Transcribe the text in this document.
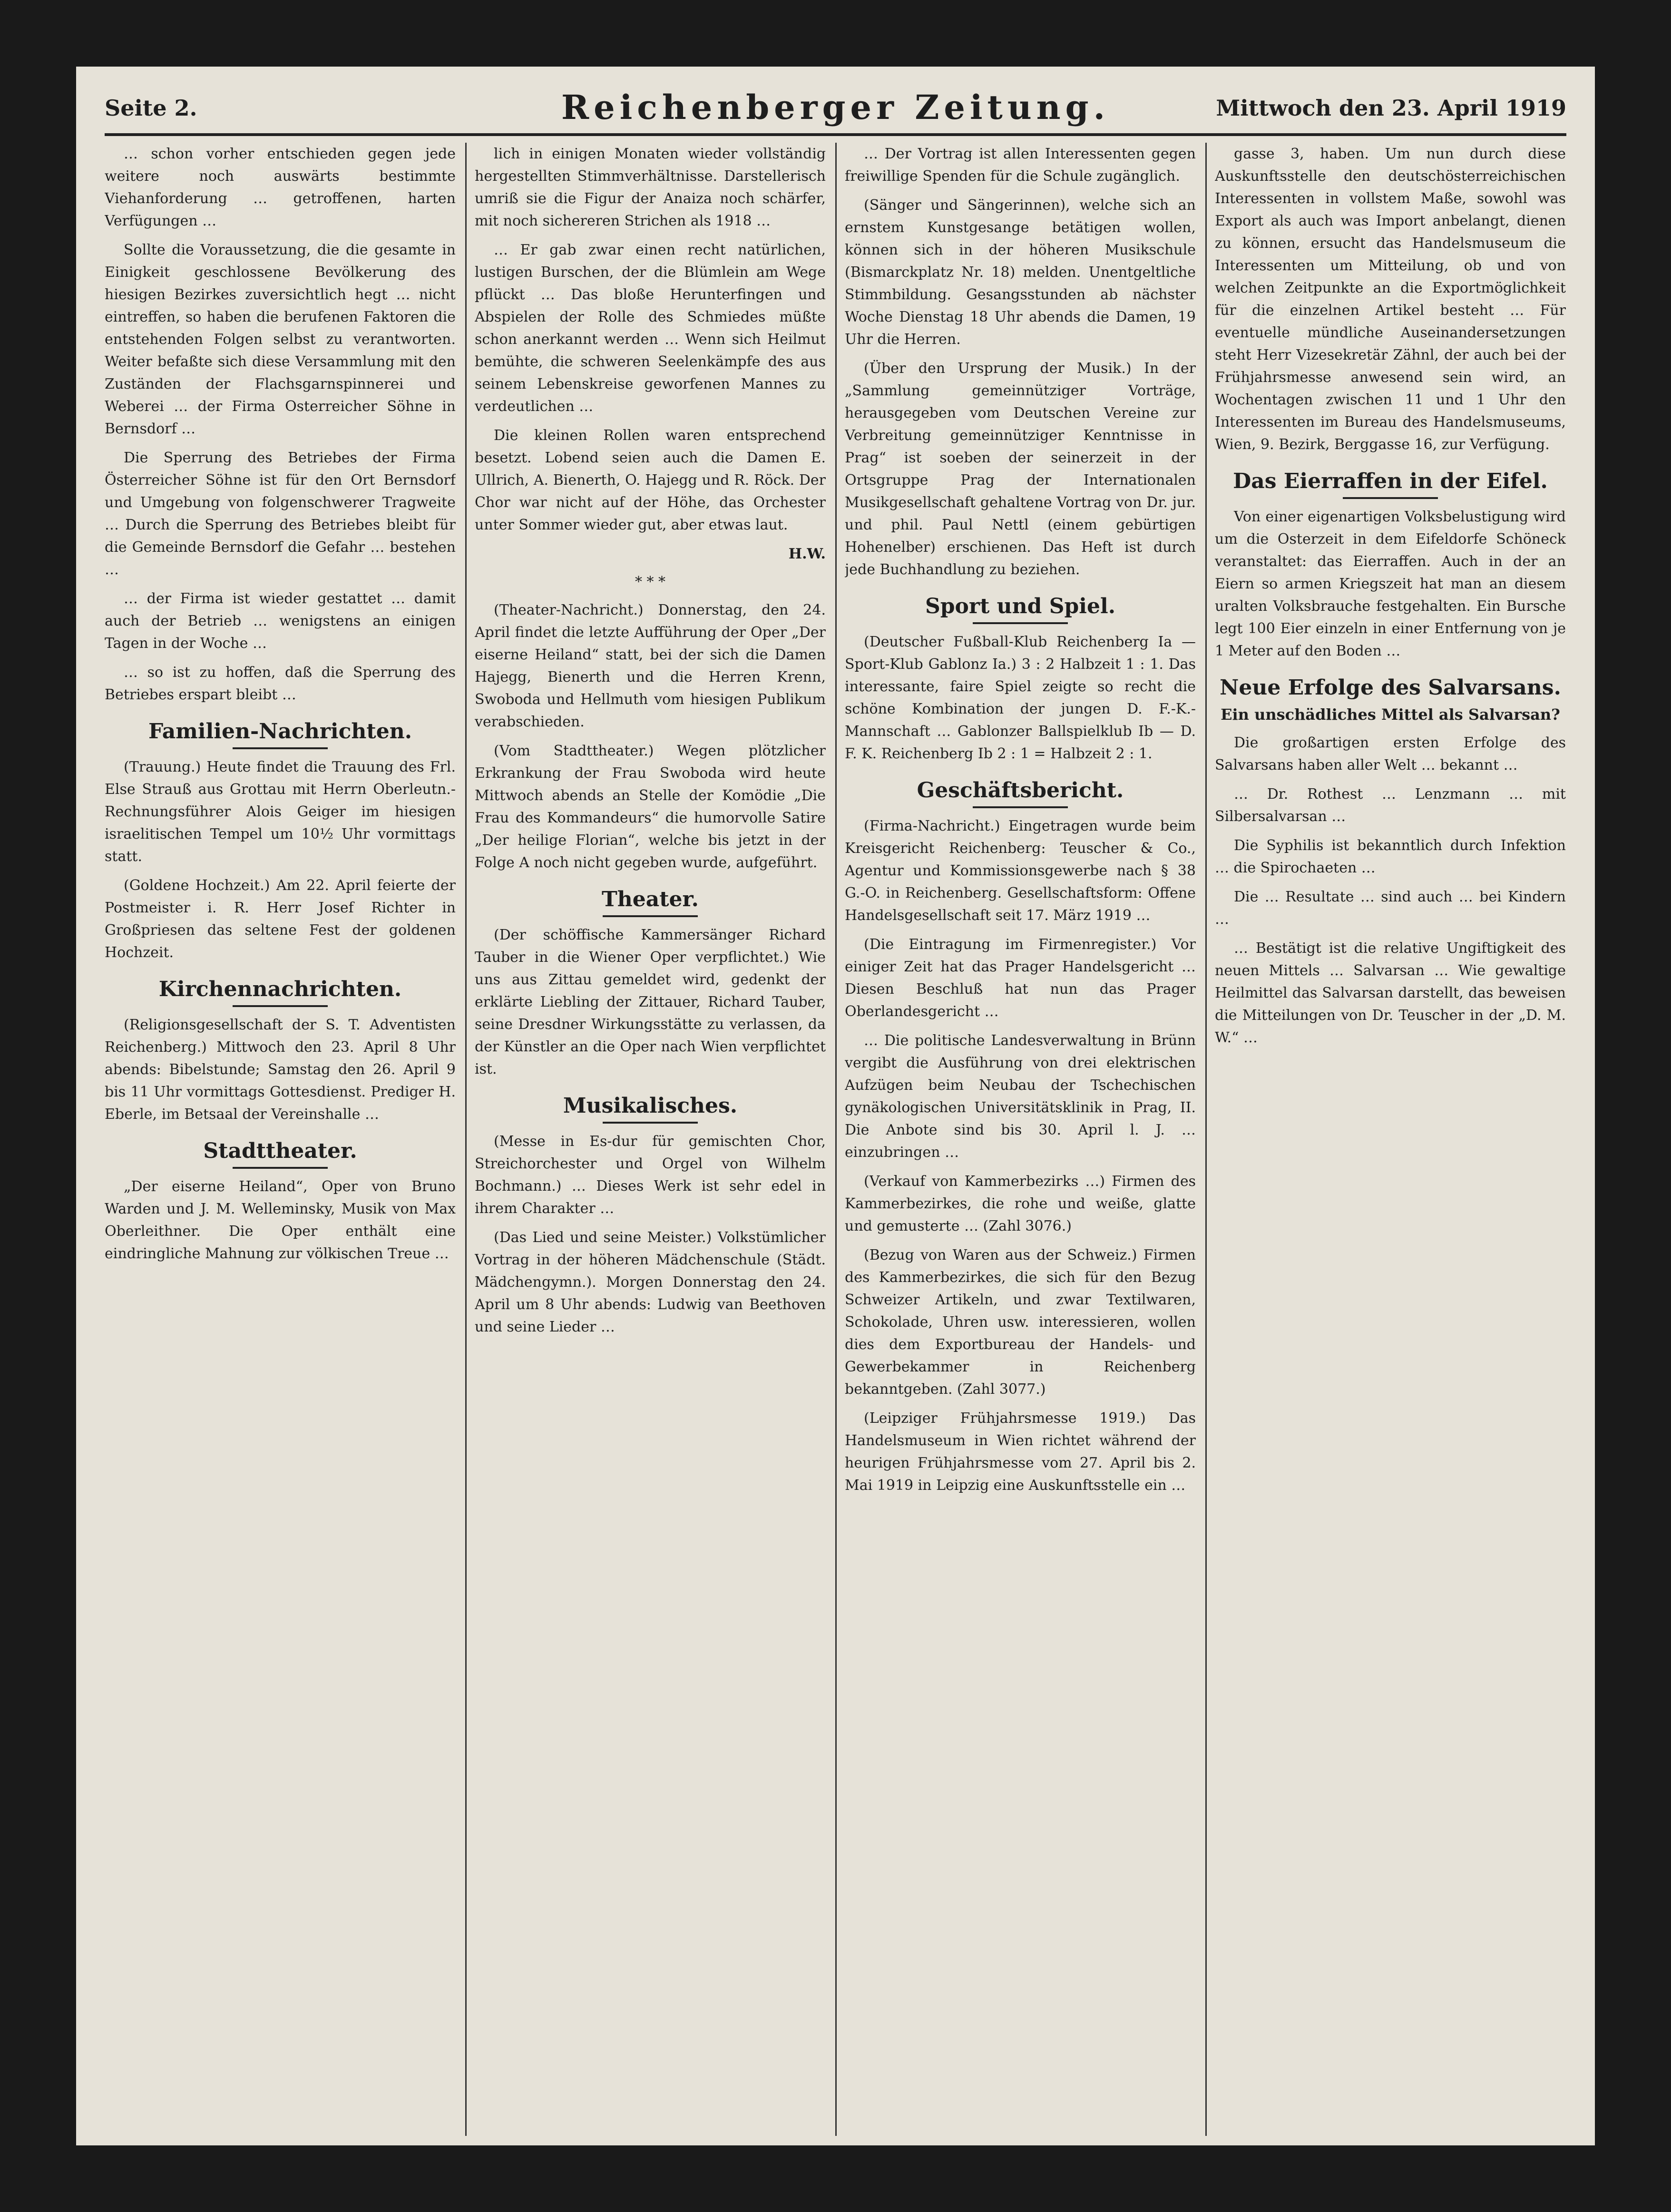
Seite 2.	Reichenberger Zeitung.	Mittwoch den 23. April 1919

… schon vorher entschieden gegen jede weitere noch auswärts bestimmte Viehanforderung … getroffenen, harten Verfügungen …

Sollte die Voraussetzung, die die gesamte in Einigkeit geschlossene Bevölkerung des hiesigen Bezirkes zuversichtlich hegt … nicht eintreffen, so haben die berufenen Faktoren die entstehenden Folgen selbst zu verantworten. Weiter befaßte sich diese Versammlung mit den Zuständen der Flachsgarnspinnerei und Weberei … der Firma Osterreicher Söhne in Bernsdorf …

Die Sperrung des Betriebes der Firma Österreicher Söhne ist für den Ort Bernsdorf und Umgebung von folgenschwerer Tragweite … Durch die Sperrung des Betriebes bleibt für die Gemeinde Bernsdorf die Gefahr … bestehen …

… der Firma ist wieder gestattet … damit auch der Betrieb … wenigstens an einigen Tagen in der Woche …

… so ist zu hoffen, daß die Sperrung des Betriebes erspart bleibt …

Familien-Nachrichten.

(Trauung.) Heute findet die Trauung des Frl. Else Strauß aus Grottau mit Herrn Oberleutn.-Rechnungsführer Alois Geiger im hiesigen israelitischen Tempel um 10½ Uhr vormittags statt.

(Goldene Hochzeit.) Am 22. April feierte der Postmeister i. R. Herr Josef Richter in Großpriesen das seltene Fest der goldenen Hochzeit.

Kirchennachrichten.

(Religionsgesellschaft der S. T. Adventisten Reichenberg.) Mittwoch den 23. April 8 Uhr abends: Bibelstunde; Samstag den 26. April 9 bis 11 Uhr vormittags Gottesdienst. Prediger H. Eberle, im Betsaal der Vereinshalle …

Stadttheater.

„Der eiserne Heiland“, Oper von Bruno Warden und J. M. Welleminsky, Musik von Max Oberleithner. Die Oper enthält eine eindringliche Mahnung zur völkischen Treue …

lich in einigen Monaten wieder vollständig hergestellten Stimmverhältnisse. Darstellerisch umriß sie die Figur der Anaiza noch schärfer, mit noch sichereren Strichen als 1918 …

… Er gab zwar einen recht natürlichen, lustigen Burschen, der die Blümlein am Wege pflückt … Das bloße Herunterfingen und Abspielen der Rolle des Schmiedes müßte schon anerkannt werden … Wenn sich Heilmut bemühte, die schweren Seelenkämpfe des aus seinem Lebenskreise geworfenen Mannes zu verdeutlichen …

Die kleinen Rollen waren entsprechend besetzt. Lobend seien auch die Damen E. Ullrich, A. Bienerth, O. Hajegg und R. Röck. Der Chor war nicht auf der Höhe, das Orchester unter Sommer wieder gut, aber etwas laut.

H.W.
* * *

(Theater-Nachricht.) Donnerstag, den 24. April findet die letzte Aufführung der Oper „Der eiserne Heiland“ statt, bei der sich die Damen Hajegg, Bienerth und die Herren Krenn, Swoboda und Hellmuth vom hiesigen Publikum verabschieden.

(Vom Stadttheater.) Wegen plötzlicher Erkrankung der Frau Swoboda wird heute Mittwoch abends an Stelle der Komödie „Die Frau des Kommandeurs“ die humorvolle Satire „Der heilige Florian“, welche bis jetzt in der Folge A noch nicht gegeben wurde, aufgeführt.

Theater.

(Der schöffische Kammersänger Richard Tauber in die Wiener Oper verpflichtet.) Wie uns aus Zittau gemeldet wird, gedenkt der erklärte Liebling der Zittauer, Richard Tauber, seine Dresdner Wirkungsstätte zu verlassen, da der Künstler an die Oper nach Wien verpflichtet ist.

Musikalisches.

(Messe in Es-dur für gemischten Chor, Streichorchester und Orgel von Wilhelm Bochmann.) … Dieses Werk ist sehr edel in ihrem Charakter …

(Das Lied und seine Meister.) Volkstümlicher Vortrag in der höheren Mädchenschule (Städt. Mädchengymn.). Morgen Donnerstag den 24. April um 8 Uhr abends: Ludwig van Beethoven und seine Lieder …

… Der Vortrag ist allen Interessenten gegen freiwillige Spenden für die Schule zugänglich.

(Sänger und Sängerinnen), welche sich an ernstem Kunstgesange betätigen wollen, können sich in der höheren Musikschule (Bismarckplatz Nr. 18) melden. Unentgeltliche Stimmbildung. Gesangsstunden ab nächster Woche Dienstag 18 Uhr abends die Damen, 19 Uhr die Herren.

(Über den Ursprung der Musik.) In der „Sammlung gemeinnütziger Vorträge, herausgegeben vom Deutschen Vereine zur Verbreitung gemeinnütziger Kenntnisse in Prag“ ist soeben der seinerzeit in der Ortsgruppe Prag der Internationalen Musikgesellschaft gehaltene Vortrag von Dr. jur. und phil. Paul Nettl (einem gebürtigen Hohenelber) erschienen. Das Heft ist durch jede Buchhandlung zu beziehen.

Sport und Spiel.

(Deutscher Fußball-Klub Reichenberg Ia — Sport-Klub Gablonz Ia.) 3 : 2 Halbzeit 1 : 1. Das interessante, faire Spiel zeigte so recht die schöne Kombination der jungen D. F.-K.-Mannschaft … Gablonzer Ballspielklub Ib — D. F. K. Reichenberg Ib 2 : 1 = Halbzeit 2 : 1.

Geschäftsbericht.

(Firma-Nachricht.) Eingetragen wurde beim Kreisgericht Reichenberg: Teuscher & Co., Agentur und Kommissionsgewerbe nach § 38 G.-O. in Reichenberg. Gesellschaftsform: Offene Handelsgesellschaft seit 17. März 1919 …

(Die Eintragung im Firmenregister.) Vor einiger Zeit hat das Prager Handelsgericht … Diesen Beschluß hat nun das Prager Oberlandesgericht …

… Die politische Landesverwaltung in Brünn vergibt die Ausführung von drei elektrischen Aufzügen beim Neubau der Tschechischen gynäkologischen Universitätsklinik in Prag, II. Die Anbote sind bis 30. April l. J. … einzubringen …

(Verkauf von Kammerbezirks …) Firmen des Kammerbezirkes, die rohe und weiße, glatte und gemusterte … (Zahl 3076.)

(Bezug von Waren aus der Schweiz.) Firmen des Kammerbezirkes, die sich für den Bezug Schweizer Artikeln, und zwar Textilwaren, Schokolade, Uhren usw. interessieren, wollen dies dem Exportbureau der Handels- und Gewerbekammer in Reichenberg bekanntgeben. (Zahl 3077.)

(Leipziger Frühjahrsmesse 1919.) Das Handelsmuseum in Wien richtet während der heurigen Frühjahrsmesse vom 27. April bis 2. Mai 1919 in Leipzig eine Auskunftsstelle ein …

gasse 3, haben. Um nun durch diese Auskunftsstelle den deutschösterreichischen Interessenten in vollstem Maße, sowohl was Export als auch was Import anbelangt, dienen zu können, ersucht das Handelsmuseum die Interessenten um Mitteilung, ob und von welchen Zeitpunkte an die Exportmöglichkeit für die einzelnen Artikel besteht … Für eventuelle mündliche Auseinandersetzungen steht Herr Vizesekretär Zähnl, der auch bei der Frühjahrsmesse anwesend sein wird, an Wochentagen zwischen 11 und 1 Uhr den Interessenten im Bureau des Handelsmuseums, Wien, 9. Bezirk, Berggasse 16, zur Verfügung.

Das Eierraffen in der Eifel.

Von einer eigenartigen Volksbelustigung wird um die Osterzeit in dem Eifeldorfe Schöneck veranstaltet: das Eierraffen. Auch in der an Eiern so armen Kriegszeit hat man an diesem uralten Volksbrauche festgehalten. Ein Bursche legt 100 Eier einzeln in einer Entfernung von je 1 Meter auf den Boden …

Neue Erfolge des Salvarsans.
Ein unschädliches Mittel als Salvarsan?

Die großartigen ersten Erfolge des Salvarsans haben aller Welt … bekannt …

… Dr. Rothest … Lenzmann … mit Silbersalvarsan …

Die Syphilis ist bekanntlich durch Infektion … die Spirochaeten …

Die … Resultate … sind auch … bei Kindern …

… Bestätigt ist die relative Ungiftigkeit des neuen Mittels … Salvarsan … Wie gewaltige Heilmittel das Salvarsan darstellt, das beweisen die Mitteilungen von Dr. Teuscher in der „D. M. W.“ …
